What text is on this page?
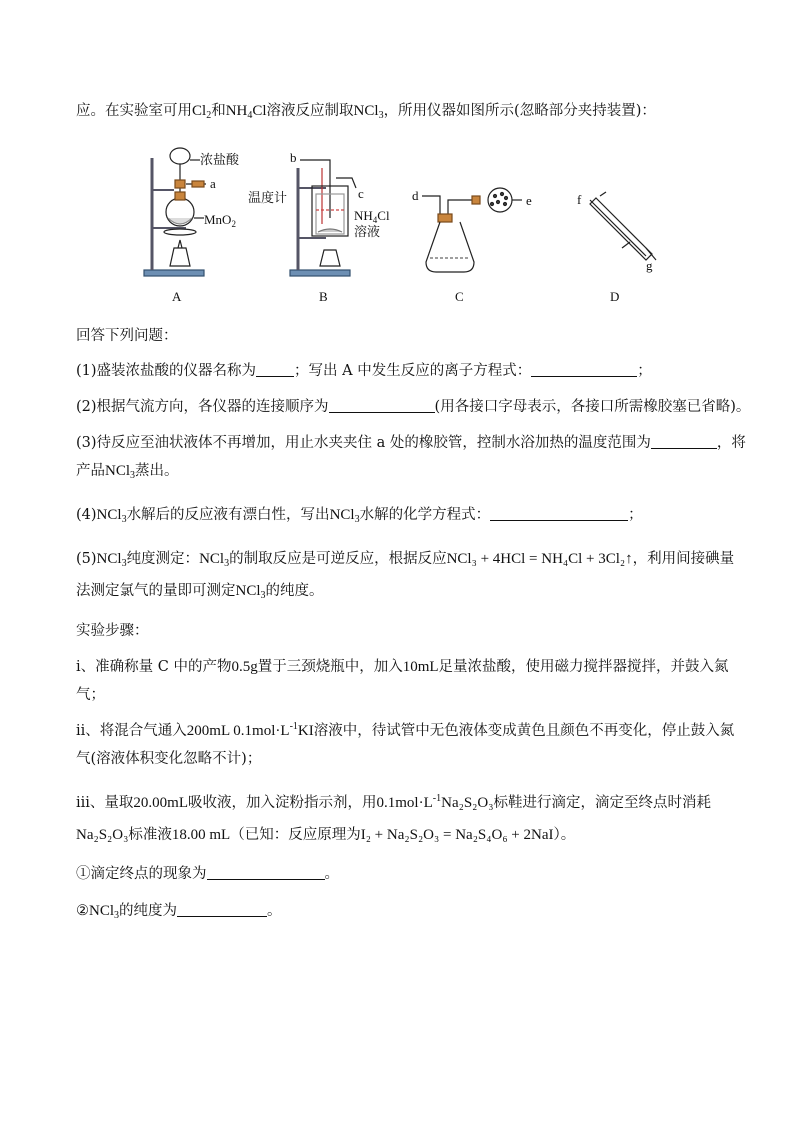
应。在实验室可用$Cl_2$和$NH_4Cl$溶液反应制取NCl$_3$，所用仪器如图所示(忽略部分夹持装置)：
浓盐酸
a
MnO$_2$
b
c
温度计
$NH_4Cl$
溶液
d	e	f
g
A	B	C	D
回答下列问题：
(1)盛装浓盐酸的仪器名称为	；写出 A 中发生反应的离子方程式：	；
(2)根据气流方向，各仪器的连接顺序为	(用各接口字母表示，各接口所需橡胶塞已省略)。
(3)待反应至油状液体不再增加，用止水夹夹住 a 处的橡胶管，控制水浴加热的温度范围为	，将
产品NCl$_3$蒸出。
(4)NCl$_3$水解后的反应液有漂白性，写出NCl$_3$水解的化学方程式：	；
(5)NCl$_3$纯度测定：NCl$_3$的制取反应是可逆反应，根据反应NCl₃ + 4HCl = NH₄Cl + 3Cl₂↑，利用间接碘量
法测定氯气的量即可测定NCl$_3$的纯度。
实验步骤：
i、准确称量 C 中的产物0.5g置于三颈烧瓶中，加入10mL足量浓盐酸，使用磁力搅拌器搅拌，并鼓入氮
气；
ii、将混合气通入200mL $0.1mol\cdot L^{-1}KI$溶液中，待试管中无色液体变成黄色且颜色不再变化，停止鼓入氮
气(溶液体积变化忽略不计)；
iii、量取20.00mL吸收液，加入淀粉指示剂，用$0.1mol\cdot L^{-1}Na_2S_2O_3$标鞋进行滴定，滴定至终点时消耗
Na₂S₂O₃标准液18.00 mL（已知：反应原理为I₂ + Na₂S₂O₃ = Na₂S₄O₆ + 2NaI）。
①滴定终点的现象为	。
②NCl$_3$的纯度为	。
